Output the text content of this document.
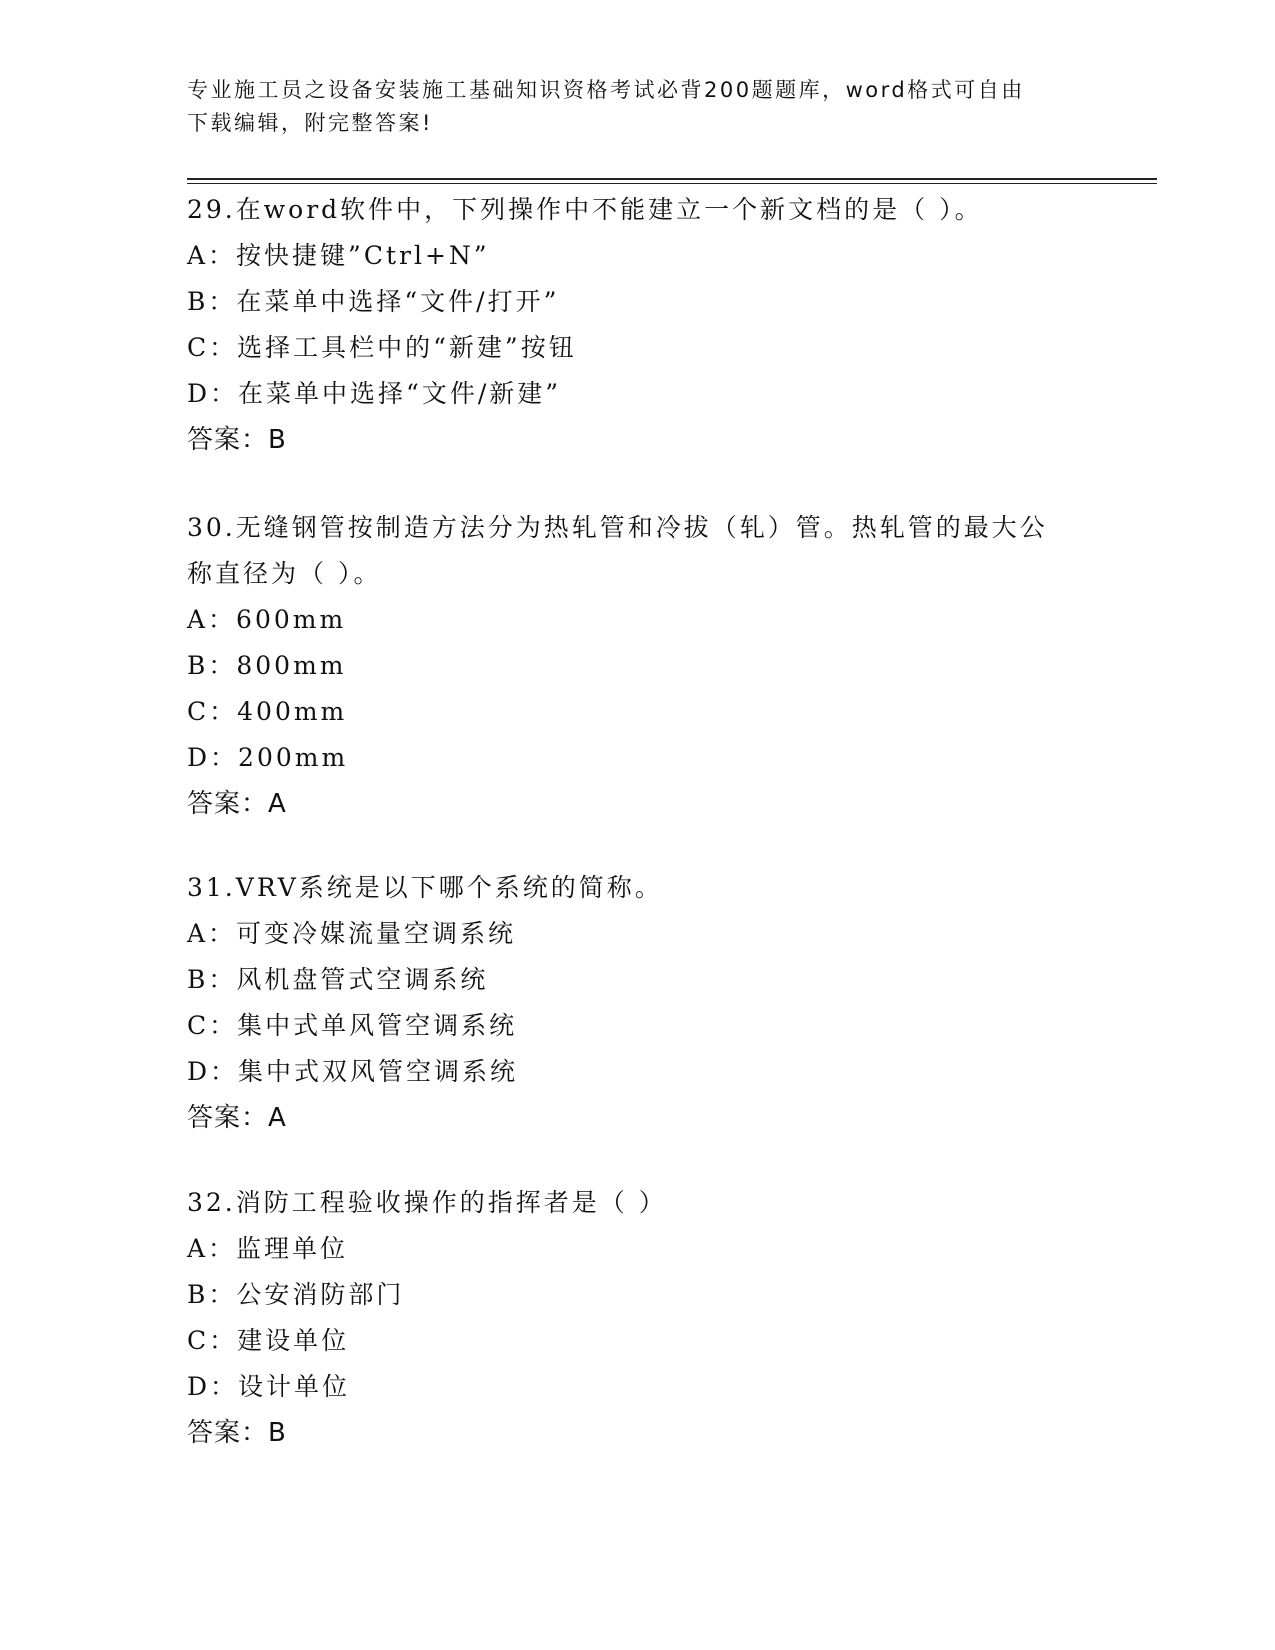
专业施工员之设备安装施工基础知识资格考试必背200题题库，word格式可自由
下载编辑，附完整答案!
29.在word软件中，下列操作中不能建立一个新文档的是（ ）。
A：按快捷键”Ctrl+N”
B：在菜单中选择“文件/打开”
C：选择工具栏中的“新建”按钮
D：在菜单中选择“文件/新建”
答案：B
30.无缝钢管按制造方法分为热轧管和冷拔（轧）管。热轧管的最大公
称直径为（ ）。
A：600mm
B：800mm
C：400mm
D：200mm
答案：A
31.VRV系统是以下哪个系统的简称。
A：可变冷媒流量空调系统
B：风机盘管式空调系统
C：集中式单风管空调系统
D：集中式双风管空调系统
答案：A
32.消防工程验收操作的指挥者是（ ）
A：监理单位
B：公安消防部门
C：建设单位
D：设计单位
答案：B
